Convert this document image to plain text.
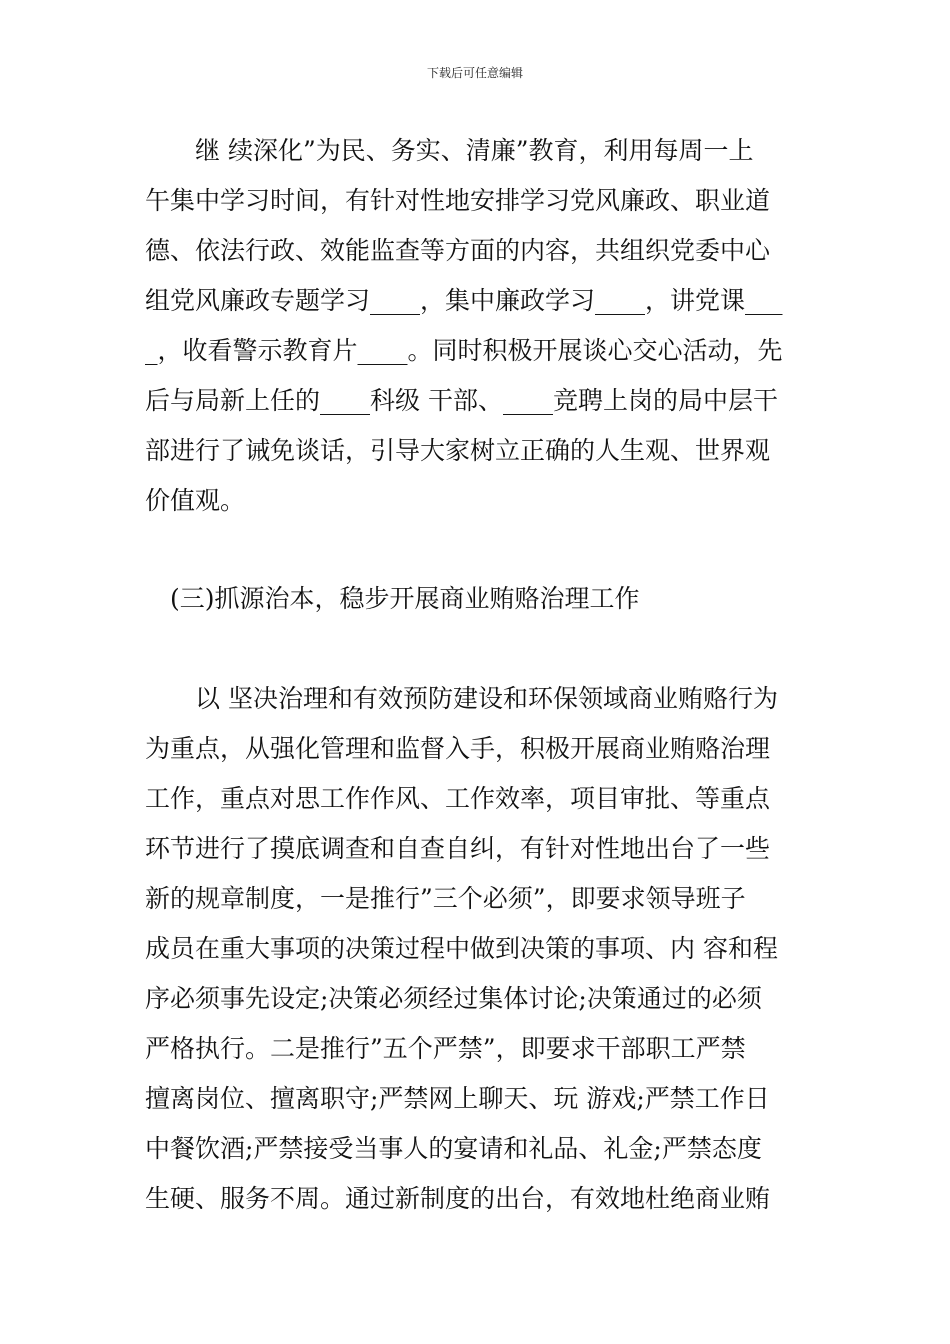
下载后可任意编辑
　　继 续深化”为民、务实、清廉”教育，利用每周一上
午集中学习时间，有针对性地安排学习党风廉政、职业道
德、依法行政、效能监查等方面的内容，共组织党委中心
组党风廉政专题学习____，集中廉政学习____，讲党课___
_，收看警示教育片____。同时积极开展谈心交心活动，先
后与局新上任的____科级 干部、____竞聘上岗的局中层干
部进行了诫免谈话，引导大家树立正确的人生观、世界观
价值观。
　(三)抓源治本，稳步开展商业贿赂治理工作
　　以 坚决治理和有效预防建设和环保领域商业贿赂行为
为重点，从强化管理和监督入手，积极开展商业贿赂治理
工作，重点对思工作作风、工作效率，项目审批、等重点
环节进行了摸底调查和自查自纠，有针对性地出台了一些
新的规章制度，一是推行”三个必须”，即要求领导班子
成员在重大事项的决策过程中做到决策的事项、内 容和程
序必须事先设定;决策必须经过集体讨论;决策通过的必须
严格执行。二是推行”五个严禁”，即要求干部职工严禁
擅离岗位、擅离职守;严禁网上聊天、玩 游戏;严禁工作日
中餐饮酒;严禁接受当事人的宴请和礼品、礼金;严禁态度
生硬、服务不周。通过新制度的出台，有效地杜绝商业贿
